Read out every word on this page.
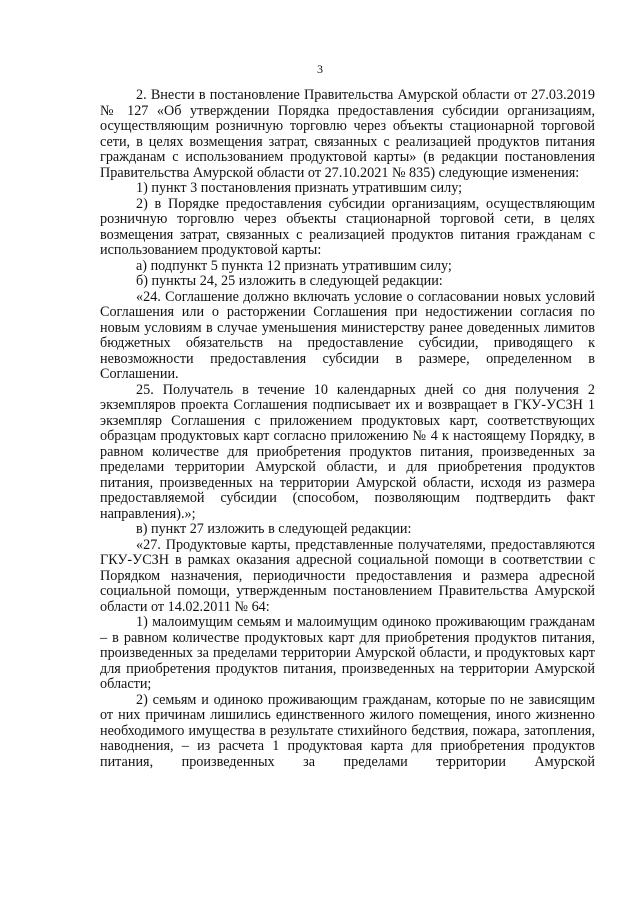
3

2. Внести в постановление Правительства Амурской области от 27.03.2019 № 127 «Об утверждении Порядка предоставления субсидии организациям, осуществляющим розничную торговлю через объекты стационарной торговой сети, в целях возмещения затрат, связанных с реализацией продуктов питания гражданам с использованием продуктовой карты» (в редакции постановления Правительства Амурской области от 27.10.2021 № 835) следующие изменения:

1) пункт 3 постановления признать утратившим силу;

2) в Порядке предоставления субсидии организациям, осуществляющим розничную торговлю через объекты стационарной торговой сети, в целях возмещения затрат, связанных с реализацией продуктов питания гражданам с использованием продуктовой карты:

а) подпункт 5 пункта 12 признать утратившим силу;

б) пункты 24, 25 изложить в следующей редакции:

«24. Соглашение должно включать условие о согласовании новых условий Соглашения или о расторжении Соглашения при недостижении согласия по новым условиям в случае уменьшения министерству ранее доведенных лимитов бюджетных обязательств на предоставление субсидии, приводящего к невозможности предоставления субсидии в размере, определенном в Соглашении.

25. Получатель в течение 10 календарных дней со дня получения 2 экземпляров проекта Соглашения подписывает их и возвращает в ГКУ-УСЗН 1 экземпляр Соглашения с приложением продуктовых карт, соответствующих образцам продуктовых карт согласно приложению № 4 к настоящему Порядку, в равном количестве для приобретения продуктов питания, произведенных за пределами территории Амурской области, и для приобретения продуктов питания, произведенных на территории Амурской области, исходя из размера предоставляемой субсидии (способом, позволяющим подтвердить факт направления).»;

в) пункт 27 изложить в следующей редакции:

«27. Продуктовые карты, представленные получателями, предоставляются ГКУ-УСЗН в рамках оказания адресной социальной помощи в соответствии с Порядком назначения, периодичности предоставления и размера адресной социальной помощи, утвержденным постановлением Правительства Амурской области от 14.02.2011 № 64:

1) малоимущим семьям и малоимущим одиноко проживающим гражданам – в равном количестве продуктовых карт для приобретения продуктов питания, произведенных за пределами территории Амурской области, и продуктовых карт для приобретения продуктов питания, произведенных на территории Амурской области;

2) семьям и одиноко проживающим гражданам, которые по не зависящим от них причинам лишились единственного жилого помещения, иного жизненно необходимого имущества в результате стихийного бедствия, пожара, затопления, наводнения, – из расчета 1 продуктовая карта для приобретения продуктов питания, произведенных за пределами территории Амурской
